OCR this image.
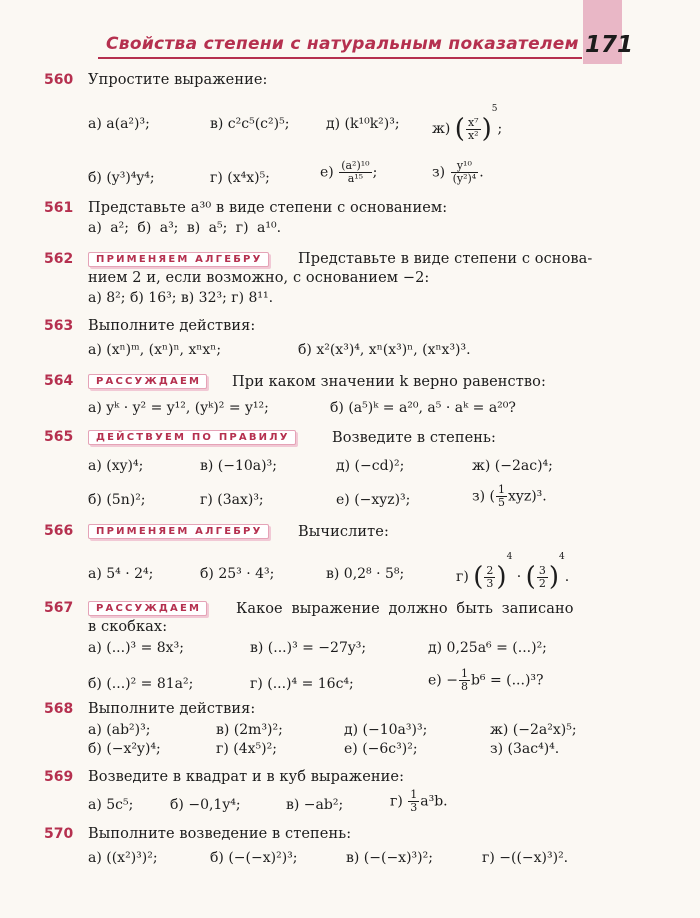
Свойства степени с натуральным показателем 171
560 Упростите выражение:
а) a(a²)³;	в) c²c⁵(c²)⁵;	д) (k¹⁰k²)³; ж) ( $\frac{\text{x⁷}}{\text{x²}} )^5$;
б) (y³)⁴y⁴;	г) (x⁴x)⁵;	$е) \frac{\text{(a²)¹⁰}}{\text{a¹⁵}}$ ;	$з) \frac{\text{y¹⁰}}{\text{(y²)⁴}}$ .
561 Представьте a³⁰ в виде степени с основанием:
а) a²; б) a³; в) a⁵; г) a¹⁰.
562	ПРИМЕНЯЕМ АЛГЕБРУ	Представьте в виде степени с основа-
нием 2 и, если возможно, с основанием −2:
а) 8²; б) 16³; в) 32³; г) 8¹¹.
563 Выполните действия:
а) (xⁿ)ᵐ, (xⁿ)ⁿ, xⁿxⁿ;	б) x²(x³)⁴, xⁿ(x³)ⁿ, (xⁿx³)³.
564	РАССУЖДАЕМ	При каком значении k верно равенство:
а) yᵏ · y² = y¹², (yᵏ)² = y¹²;	б) (a⁵)ᵏ = a²⁰, a⁵ · aᵏ = a²⁰?
565	ДЕЙСТВУЕМ ПО ПРАВИЛУ	Возведите в степень:
а) (xy)⁴;	в) (−10a)³;	д) (−cd)²;	ж) (−2ac)⁴;
б) (5n)²;	г) (3ax)³;	е) (−xyz)³;	з) ( $\frac{1}{5} xyz)^3$.
566	ПРИМЕНЯЕМ АЛГЕБРУ	Вычислите:
а) 5⁴ · 2⁴;	б) 25³ · 4³;	в) 0,2⁸ · 5⁸;	г) ( $\frac{2}{3} )^4$ · ( $\frac{3}{2} )^4$.
567	РАССУЖДАЕМ	Какое выражение должно быть записано
в скобках:
а) (...)³ = 8x³;	в) (...)³ = −27y³;	д) 0,25a⁶ = (...)²;
б) (...)² = 81a²;	г) (...)⁴ = 16c⁴;	$е) - \frac{1}{8} b^6 = (...)^3$?
568 Выполните действия:
а) (ab²)³;	в) (2m³)²;	д) (−10a³)³;	ж) (−2a²x)⁵;
б) (−x²y)⁴;	г) (4x⁵)²;	е) (−6c³)²;	з) (3ac⁴)⁴.
569 Возведите в квадрат и в куб выражение:
а) 5c⁵;	б) −0,1y⁴;	в) −ab²;	$г) \frac{1}{3} a^3b$.
570 Выполните возведение в степень:
а) ((x²)³)²;	б) (−(−x)²)³;	в) (−(−x)³)²;	г) −((−x)³)².
